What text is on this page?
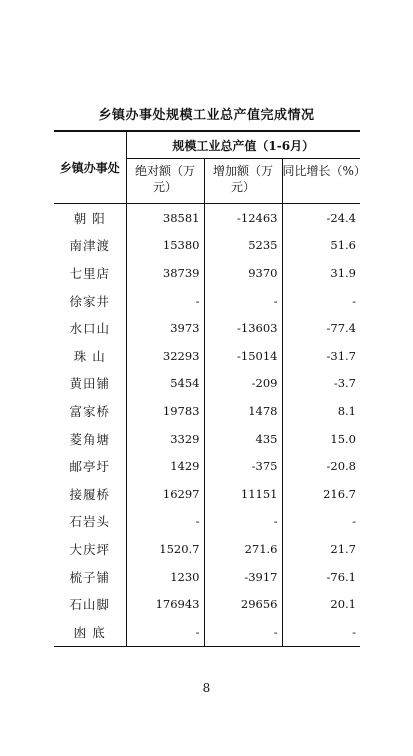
乡镇办事处规模工业总产值完成情况
乡镇办事处	规模工业总产值（1-6月）		
	绝对额（万元）	增加额（万元）	同比增长（%）
朝 阳	38581	-12463	-24.4
南津渡	15380	5235	51.6
七里店	38739	9370	31.9
徐家井	-	-	-
水口山	3973	-13603	-77.4
珠 山	32293	-15014	-31.7
黄田铺	5454	-209	-3.7
富家桥	19783	1478	8.1
菱角塘	3329	435	15.0
邮亭圩	1429	-375	-20.8
接履桥	16297	11151	216.7
石岩头	-	-	-
大庆坪	1520.7	271.6	21.7
梳子铺	1230	-3917	-76.1
石山脚	176943	29656	20.1
凼 底	-	-	-
8
